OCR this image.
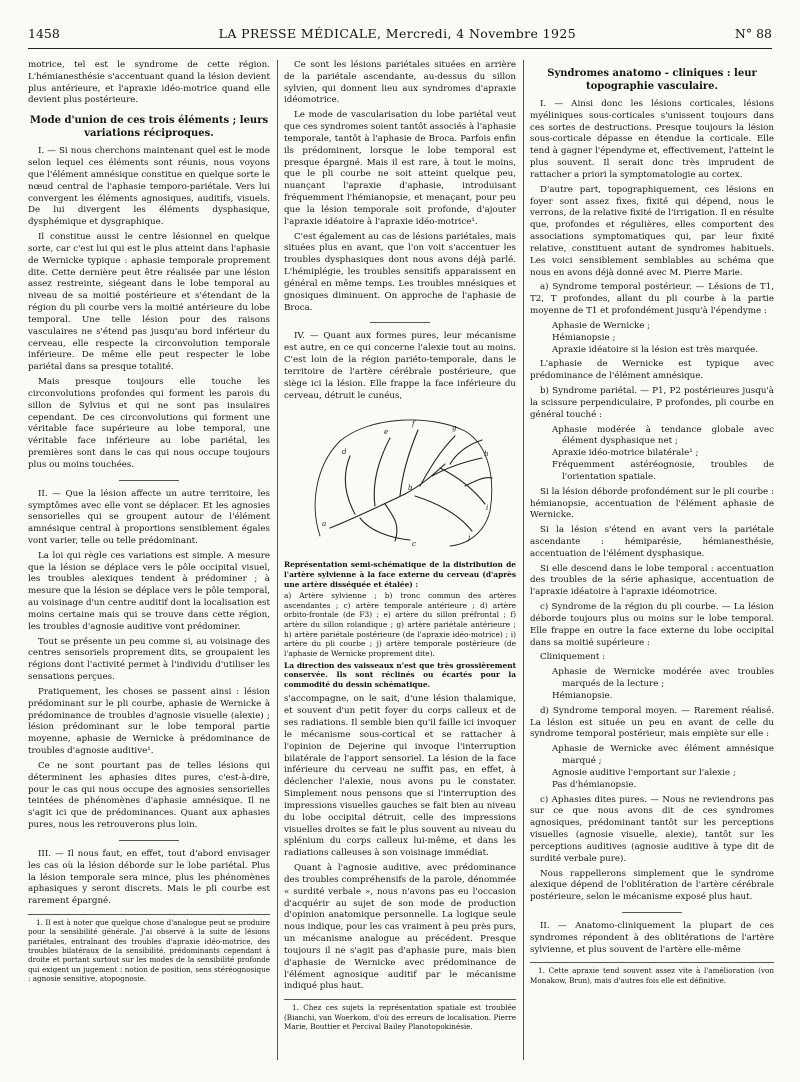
1458	LA PRESSE MÉDICALE, Mercredi, 4 Novembre 1925	N° 88

motrice, tel est le syndrome de cette région. L'hémianesthésie s'accentuant quand la lésion devient plus antérieure, et l'apraxie idéo-motrice quand elle devient plus postérieure.

Mode d'union de ces trois éléments ; leurs variations réciproques.

I. — Si nous cherchons maintenant quel est le mode selon lequel ces éléments sont réunis, nous voyons que l'élément amnésique constitue en quelque sorte le nœud central de l'aphasie temporo-pariétale. Vers lui convergent les éléments agnosiques, auditifs, visuels. De lui divergent les éléments dysphasique, dysphémique et dysgraphique.

Il constitue aussi le centre lésionnel en quelque sorte, car c'est lui qui est le plus atteint dans l'aphasie de Wernicke typique : aphasie temporale proprement dite. Cette dernière peut être réalisée par une lésion assez restreinte, siégeant dans le lobe temporal au niveau de sa moitié postérieure et s'étendant de la région du pli courbe vers la moitié antérieure du lobe temporal. Une telle lésion pour des raisons vasculaires ne s'étend pas jusqu'au bord inférieur du cerveau, elle respecte la circonvolution temporale inférieure. De même elle peut respecter le lobe pariétal dans sa presque totalité.

Mais presque toujours elle touche les circonvolutions profondes qui forment les parois du sillon de Sylvius et qui ne sont pas insulaires cependant. De ces circonvolutions qui forment une véritable face supérieure au lobe temporal, une véritable face inférieure au lobe pariétal, les premières sont dans le cas qui nous occupe toujours plus ou moins touchées.

II. — Que la lésion affecte un autre territoire, les symptômes avec elle vont se déplacer. Et les agnosies sensorielles qui se groupent autour de l'élément amnésique central à proportions sensiblement égales vont varier, telle ou telle prédominant.

La loi qui règle ces variations est simple. A mesure que la lésion se déplace vers le pôle occipital visuel, les troubles alexiques tendent à prédominer ; à mesure que la lésion se déplace vers le pôle temporal, au voisinage d'un centre auditif dont la localisation est moins certaine mais qui se trouve dans cette région, les troubles d'agnosie auditive vont prédominer.

Tout se présente un peu comme si, au voisinage des centres sensoriels proprement dits, se groupaient les régions dont l'activité permet à l'individu d'utiliser les sensations perçues.

Pratiquement, les choses se passent ainsi : lésion prédominant sur le pli courbe, aphasie de Wernicke à prédominance de troubles d'agnosie visuelle (alexie) ; lésion prédominant sur le lobe temporal partie moyenne, aphasie de Wernicke à prédominance de troubles d'agnosie auditive¹.

Ce ne sont pourtant pas de telles lésions qui déterminent les aphasies dites pures, c'est-à-dire, pour le cas qui nous occupe des agnosies sensorielles teintées de phénomènes d'aphasie amnésique. Il ne s'agit ici que de prédominances. Quant aux aphasies pures, nous les retrouverons plus loin.

III. — Il nous faut, en effet, tout d'abord envisager les cas où la lésion déborde sur le lobe pariétal. Plus la lésion temporale sera mince, plus les phénomènes aphasiques y seront discrets. Mais le pli courbe est rarement épargné.

1. Il est à noter que quelque chose d'analogue peut se produire pour la sensibilité générale. J'ai observé à la suite de lésions pariétales, entraînant des troubles d'apraxie idéo-motrice, des troubles bilatéraux de la sensibilité, prédominants cependant à droite et portant surtout sur les modes de la sensibilité profonde qui exigent un jugement : notion de position, sens stéréognosique : agnosie sensitive, atopognosie.

Ce sont les lésions pariétales situées en arrière de la pariétale ascendante, au-dessus du sillon sylvien, qui donnent lieu aux syndromes d'apraxie idéomotrice.

Le mode de vascularisation du lobe pariétal veut que ces syndromes soient tantôt associés à l'aphasie temporale, tantôt à l'aphasie de Broca. Parfois enfin ils prédominent, lorsque le lobe temporal est presque épargné. Mais il est rare, à tout le moins, que le pli courbe ne soit atteint quelque peu, nuançant l'apraxie d'aphasie, introduisant fréquemment l'hémianopsie, et menaçant, pour peu que la lésion temporale soit profonde, d'ajouter l'apraxie idéatoire à l'apraxie idéo-motrice¹.

C'est également au cas de lésions pariétales, mais situées plus en avant, que l'on voit s'accentuer les troubles dysphasiques dont nous avons déjà parlé. L'hémiplégie, les troubles sensitifs apparaissent en général en même temps. Les troubles mnésiques et gnosiques diminuent. On approche de l'aphasie de Broca.

IV. — Quant aux formes pures, leur mécanisme est autre, en ce qui concerne l'alexie tout au moins. C'est loin de la région pariéto-temporale, dans le territoire de l'artère cérébrale postérieure, que siège ici la lésion. Elle frappe la face inférieure du cerveau, détruit le cunéus,

a
b
c
d
e
f	g
h
i
j

Représentation semi-schématique de la distribution de l'artère sylvienne à la face externe du cerveau (d'après une artère disséquée et étalée) :

a) Artère sylvienne ; b) tronc commun des artères ascendantes ; c) artère temporale antérieure ; d) artère orbito-frontale (de F3) ; e) artère du sillon préfrontal ; f) artère du sillon rolandique ; g) artère pariétale antérieure ; h) artère pariétale postérieure (de l'apraxie idéo-motrice) ; i) artère du pli courbe ; j) artère temporale postérieure (de l'aphasie de Wernicke proprement dite).

La direction des vaisseaux n'est que très grossièrement conservée. Ils sont réclinés ou écartés pour la commodité du dessin schématique.

s'accompagne, on le sait, d'une lésion thalamique, et souvent d'un petit foyer du corps calleux et de ses radiations. Il semble bien qu'il faille ici invoquer le mécanisme sous-cortical et se rattacher à l'opinion de Dejerine qui invoque l'interruption bilatérale de l'apport sensoriel. La lésion de la face inférieure du cerveau ne suffit pas, en effet, à déclencher l'alexie, nous avons pu le constater. Simplement nous pensons que si l'interruption des impressions visuelles gauches se fait bien au niveau du lobe occipital détruit, celle des impressions visuelles droites se fait le plus souvent au niveau du splénium du corps calleux lui-même, et dans les radiations calleuses à son voisinage immédiat.

Quant à l'agnosie auditive, avec prédominance des troubles compréhensifs de la parole, dénommée « surdité verbale », nous n'avons pas eu l'occasion d'acquérir au sujet de son mode de production d'opinion anatomique personnelle. La logique seule nous indique, pour les cas vraiment à peu près purs, un mécanisme analogue au précédent. Presque toujours il ne s'agit pas d'aphasie pure, mais bien d'aphasie de Wernicke avec prédominance de l'élément agnosique auditif par le mécanisme indiqué plus haut.

1. Chez ces sujets la représentation spatiale est troublée (Bianchi, van Woerkom, d'où des erreurs de localisation. Pierre Marie, Bouttier et Percival Bailey Planotopokinésie.

Syndromes anatomo - cliniques : leur topographie vasculaire.

I. — Ainsi donc les lésions corticales, lésions myéliniques sous-corticales s'unissent toujours dans ces sortes de destructions. Presque toujours la lésion sous-corticale dépasse en étendue la corticale. Elle tend à gagner l'épendyme et, effectivement, l'atteint le plus souvent. Il serait donc très imprudent de rattacher a priori la symptomatologie au cortex.

D'autre part, topographiquement, ces lésions en foyer sont assez fixes, fixité qui dépend, nous le verrons, de la relative fixité de l'irrigation. Il en résulte que, profondes et régulières, elles comportent des associations symptomatiques qui, par leur fixité relative, constituent autant de syndromes habituels. Les voici sensiblement semblables au schéma que nous en avons déjà donné avec M. Pierre Marie.

a) Syndrome temporal postérieur. — Lésions de T1, T2, T profondes, allant du pli courbe à la partie moyenne de T1 et profondément jusqu'à l'épendyme :

Aphasie de Wernicke ;
Hémianopsie ;
Apraxie idéatoire si la lésion est très marquée.

L'aphasie de Wernicke est typique avec prédominance de l'élément amnésique.

b) Syndrome pariétal. — P1, P2 postérieures jusqu'à la scissure perpendiculaire, P profondes, pli courbe en général touché :

Aphasie modérée à tendance globale avec élément dysphasique net ;
Apraxie idéo-motrice bilatérale¹ ;
Fréquemment astéréognosie, troubles de l'orientation spatiale.

Si la lésion déborde profondément sur le pli courbe : hémianopsie, accentuation de l'élément aphasie de Wernicke.

Si la lésion s'étend en avant vers la pariétale ascendante : hémiparésie, hémianesthésie, accentuation de l'élément dysphasique.

Si elle descend dans le lobe temporal : accentuation des troubles de la série aphasique, accentuation de l'apraxie idéatoire à l'apraxie idéomotrice.

c) Syndrome de la région du pli courbe. — La lésion déborde toujours plus ou moins sur le lobe temporal. Elle frappe en outre la face externe du lobe occipital dans sa moitié supérieure :

Cliniquement :

Aphasie de Wernicke modérée avec troubles marqués de la lecture ;
Hémianopsie.

d) Syndrome temporal moyen. — Rarement réalisé. La lésion est située un peu en avant de celle du syndrome temporal postérieur, mais empiète sur elle :

Aphasie de Wernicke avec élément amnésique marqué ;
Agnosie auditive l'emportant sur l'alexie ;
Pas d'hémianopsie.

c) Aphasies dites pures. — Nous ne reviendrons pas sur ce que nous avons dit de ces syndromes agnosiques, prédominant tantôt sur les perceptions visuelles (agnosie visuelle, alexie), tantôt sur les perceptions auditives (agnosie auditive à type dit de surdité verbale pure).

Nous rappellerons simplement que le syndrome alexique dépend de l'oblitération de l'artère cérébrale postérieure, selon le mécanisme exposé plus haut.

II. — Anatomo-cliniquement la plupart de ces syndromes répondent à des oblitérations de l'artère sylvienne, et plus souvent de l'artère elle-même

1. Cette apraxie tend souvent assez vite à l'amélioration (von Monakow, Brun), mais d'autres fois elle est définitive.
